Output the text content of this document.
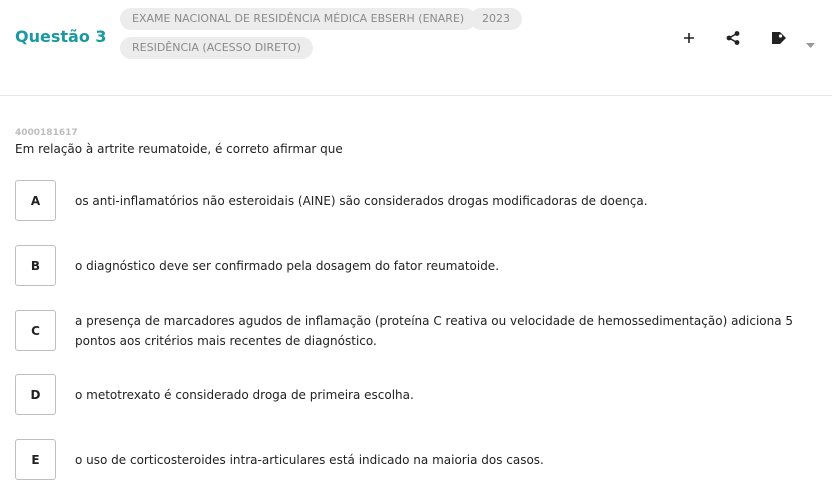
Questão 3
EXAME NACIONAL DE RESIDÊNCIA MÉDICA EBSERH (ENARE)	2023
RESIDÊNCIA (ACESSO DIRETO)
4000181617
Em relação à artrite reumatoide, é correto afirmar que
A	os anti-inflamatórios não esteroidais (AINE) são considerados drogas modificadoras de doença.
B	o diagnóstico deve ser confirmado pela dosagem do fator reumatoide.
C
a presença de marcadores agudos de inflamação (proteína C reativa ou velocidade de hemossedimentação) adiciona 5 pontos aos critérios mais recentes de diagnóstico.
D	o metotrexato é considerado droga de primeira escolha.
E	o uso de corticosteroides intra-articulares está indicado na maioria dos casos.
